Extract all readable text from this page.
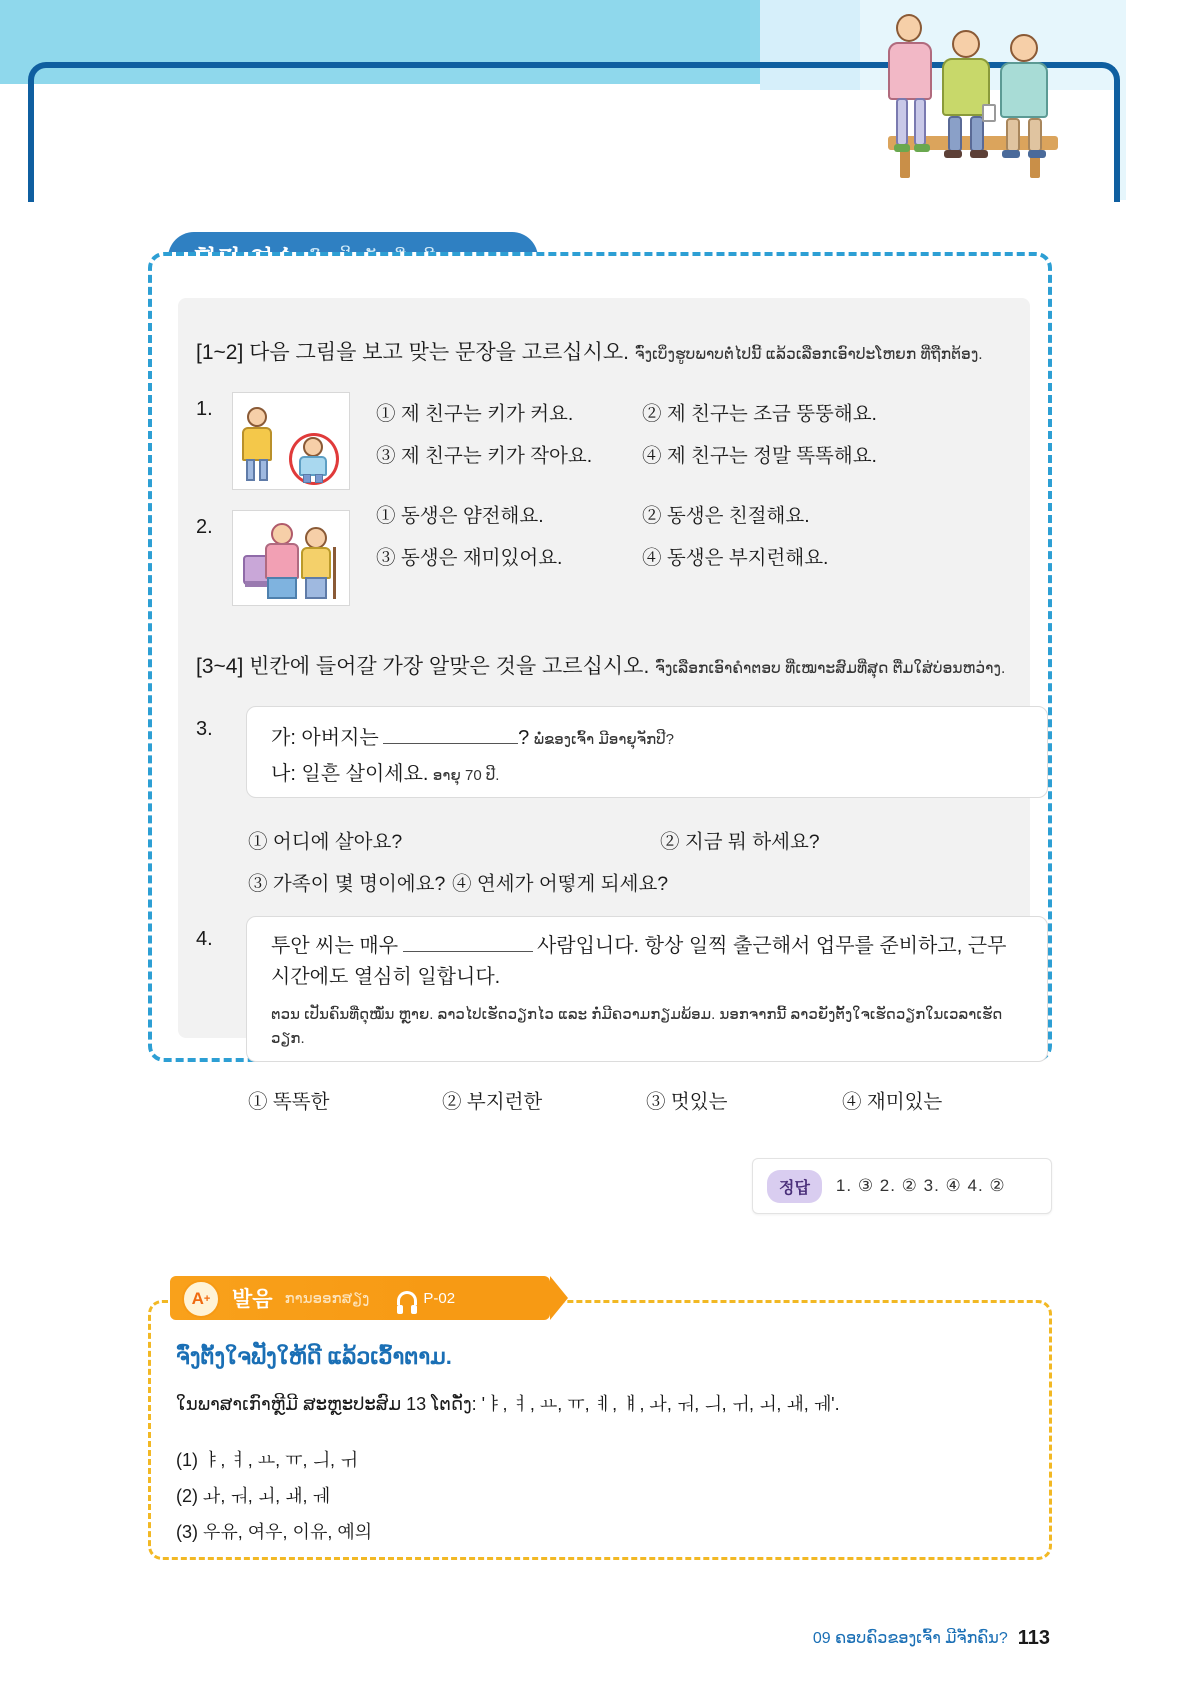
[1~2] 다음 그림을 보고 맞는 문장을 고르십시오. ຈົ່ງເບິ່ງຮູບພາບຕໍ່ໄປນີ້ ແລ້ວເລືອກເອົາປະໂຫຍກ ທີ່ຖືກຕ້ອງ.
1.	① 제 친구는 키가 커요.	② 제 친구는 조금 뚱뚱해요.
③ 제 친구는 키가 작아요.	④ 제 친구는 정말 똑똑해요.
2.	① 동생은 얌전해요.	② 동생은 친절해요.
③ 동생은 재미있어요.	④ 동생은 부지런해요.
[3~4] 빈칸에 들어갈 가장 알맞은 것을 고르십시오. ຈົ່ງເລືອກເອົາຄຳຕອບ ທີ່ເໝາະສົມທີ່ສຸດ ຕື່ມໃສ່ບ່ອນຫວ່າງ.
3.	가: 아버지는	? ພໍ່ຂອງເຈົ້າ ມີອາຍຸຈັກປີ?
나: 일흔 살이세요. ອາຍຸ 70 ປີ.
① 어디에 살아요?	② 지금 뭐 하세요?
③ 가족이 몇 명이에요? ④ 연세가 어떻게 되세요?
4.	투안 씨는 매우	사람입니다. 항상 일찍 출근해서 업무를 준비하고, 근무 시간에도 열심히 일합니다.
ຕວນ ເປັນຄົນທີ່ດຸໝັ່ນ ຫຼາຍ. ລາວໄປເຮັດວຽກໄວ ແລະ ກໍ່ມີຄວາມກຽມພ້ອມ. ນອກຈາກນີ້ ລາວຍັງຕັ້ງໃຈເຮັດວຽກໃນເວລາເຮັດວຽກ.
① 똑똑한	② 부지런한	③ 멋있는	④ 재미있는
정답	1. ③ 2. ② 3. ④ 4. ②
A + 발음 ການອອກສຽງ	P-02
ຈົ່ງຕັ້ງໃຈຟັງໃຫ້ດີ ແລ້ວເວົ້າຕາມ.
ໃນພາສາເກົາຫຼີມີ ສະຫຼະປະສົມ 13 ໂຕດັ່ງ: 'ㅑ, ㅕ, ㅛ, ㅠ, ㅖ, ㅒ, ㅘ, ㅝ, ㅢ, ㅟ, ㅚ, ㅙ, ㅞ'.
(1) ㅑ, ㅕ, ㅛ, ㅠ, ㅢ, ㅟ
(2) ㅘ, ㅝ, ㅚ, ㅙ, ㅞ
(3) 우유, 여우, 이유, 예의
09 ຄອບຄົວຂອງເຈົ້າ ມີຈັກຄົນ? 113
